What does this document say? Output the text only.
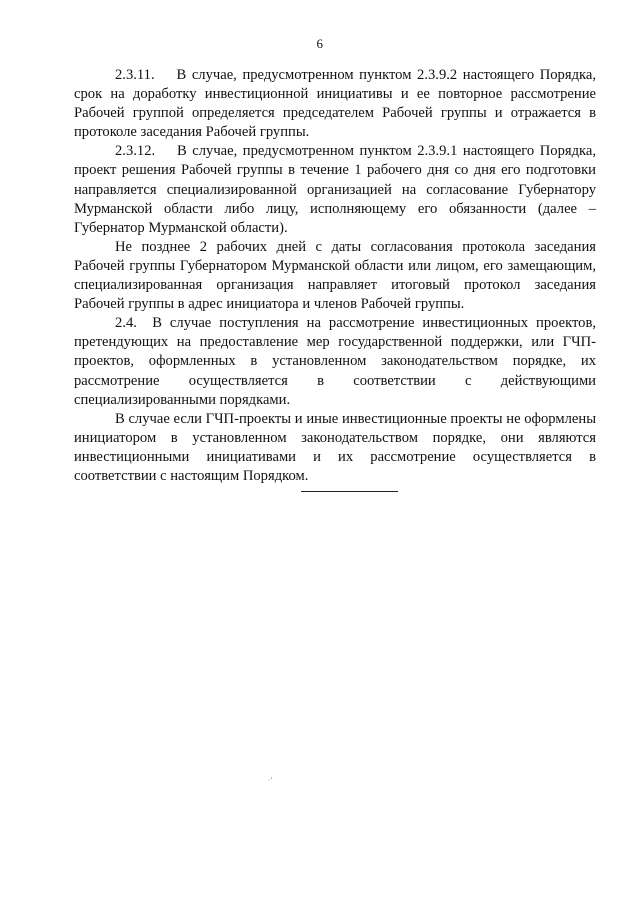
6

2.3.11.  В случае, предусмотренном пунктом 2.3.9.2 настоящего Порядка, срок на доработку инвестиционной инициативы и ее повторное рассмотрение Рабочей группой определяется председателем Рабочей группы и отражается в протоколе заседания Рабочей группы.

2.3.12.  В случае, предусмотренном пунктом 2.3.9.1 настоящего Порядка, проект решения Рабочей группы в течение 1 рабочего дня со дня его подготовки направляется специализированной организацией на согласование Губернатору Мурманской области либо лицу, исполняющему его обязанности (далее – Губернатор Мурманской области).

Не позднее 2 рабочих дней с даты согласования протокола заседания Рабочей группы Губернатором Мурманской области или лицом, его замещающим, специализированная организация направляет итоговый протокол заседания Рабочей группы в адрес инициатора и членов Рабочей группы.

2.4.  В случае поступления на рассмотрение инвестиционных проектов, претендующих на предоставление мер государственной поддержки, или ГЧП-проектов, оформленных в установленном законодательством порядке, их рассмотрение осуществляется в соответствии с действующими специализированными порядками.

В случае если ГЧП-проекты и иные инвестиционные проекты не оформлены инициатором в установленном законодательством порядке, они являются инвестиционными инициативами и их рассмотрение осуществляется в соответствии с настоящим Порядком.

·'
